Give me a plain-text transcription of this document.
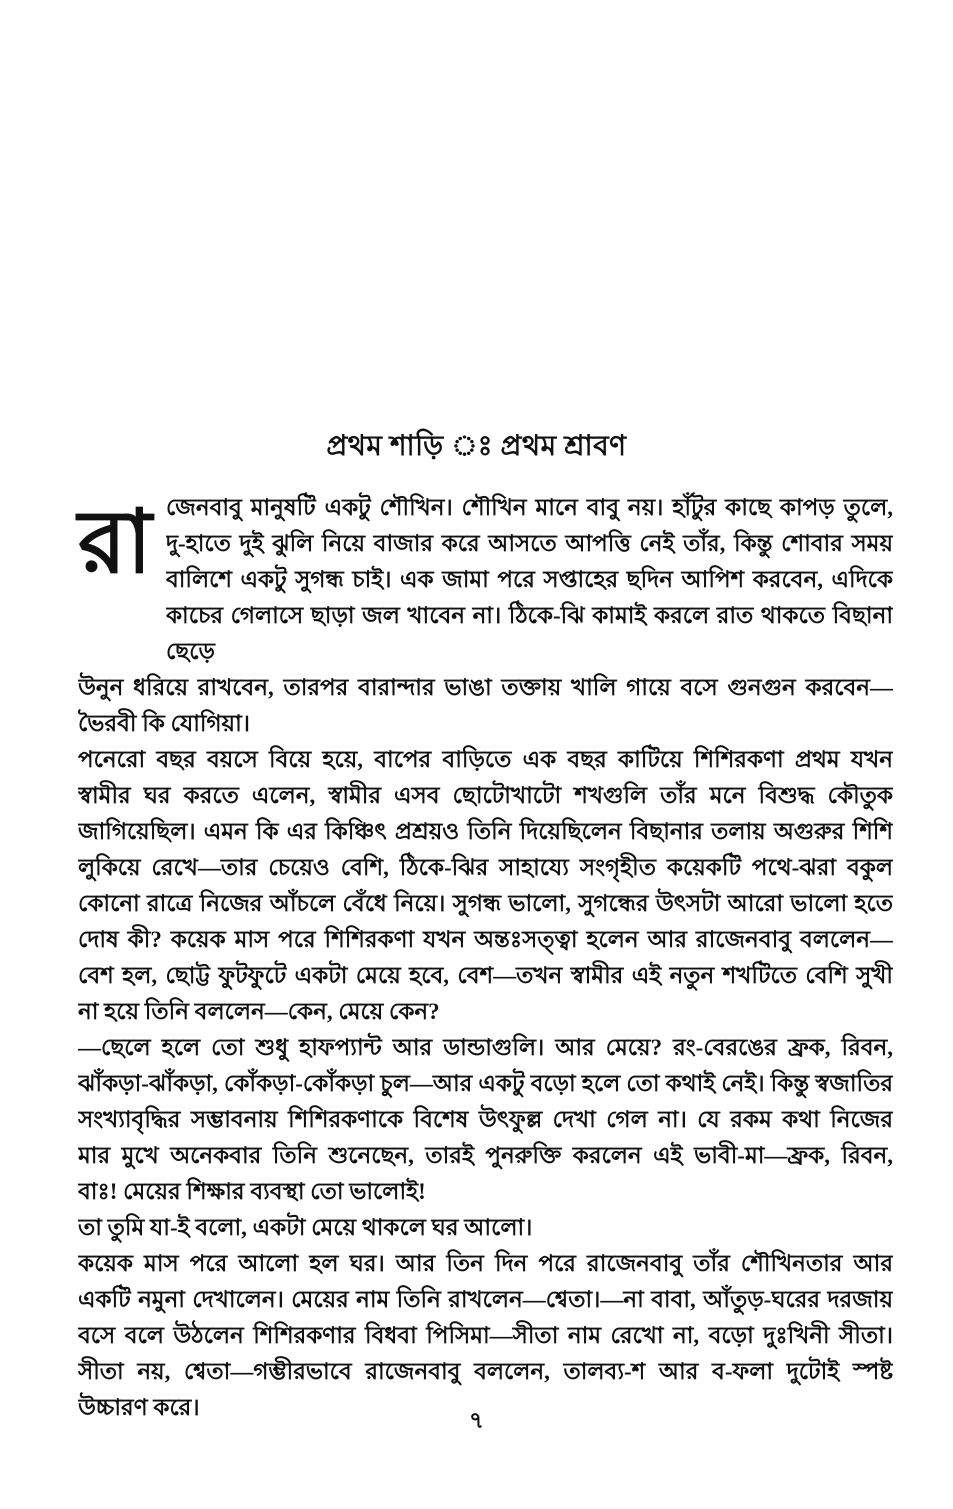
প্রথম শাড়ি ঃ প্রথম শ্রাবণ
রা জেনবাবু মানুষটি একটু শৌখিন। শৌখিন মানে বাবু নয়। হাঁটুর কাছে কাপড় তুলে,
দু-হাতে দুই ঝুলি নিয়ে বাজার করে আসতে আপত্তি নেই তাঁর, কিন্তু শোবার সময়
বালিশে একটু সুগন্ধ চাই। এক জামা পরে সপ্তাহের ছদিন আপিশ করবেন, এদিকে
কাচের গেলাসে ছাড়া জল খাবেন না। ঠিকে-ঝি কামাই করলে রাত থাকতে বিছানা ছেড়ে
উনুন ধরিয়ে রাখবেন, তারপর বারান্দার ভাঙা তক্তায় খালি গায়ে বসে গুনগুন করবেন—
ভৈরবী কি যোগিয়া।
পনেরো বছর বয়সে বিয়ে হয়ে, বাপের বাড়িতে এক বছর কাটিয়ে শিশিরকণা প্রথম যখন
স্বামীর ঘর করতে এলেন, স্বামীর এসব ছোটোখাটো শখগুলি তাঁর মনে বিশুদ্ধ কৌতুক
জাগিয়েছিল। এমন কি এর কিঞ্চিৎ প্রশ্রয়ও তিনি দিয়েছিলেন বিছানার তলায় অগুরুর শিশি
লুকিয়ে রেখে—তার চেয়েও বেশি, ঠিকে-ঝির সাহায্যে সংগৃহীত কয়েকটি পথে-ঝরা বকুল
কোনো রাত্রে নিজের আঁচলে বেঁধে নিয়ে। সুগন্ধ ভালো, সুগন্ধের উৎসটা আরো ভালো হতে
দোষ কী? কয়েক মাস পরে শিশিরকণা যখন অন্তঃসত্ত্বা হলেন আর রাজেনবাবু বললেন—
বেশ হল, ছোট্ট ফুটফুটে একটা মেয়ে হবে, বেশ—তখন স্বামীর এই নতুন শখটিতে বেশি সুখী
না হয়ে তিনি বললেন—কেন, মেয়ে কেন?
—ছেলে হলে তো শুধু হাফপ্যান্ট আর ডান্ডাগুলি। আর মেয়ে? রং-বেরঙের ফ্রক, রিবন,
ঝাঁকড়া-ঝাঁকড়া, কোঁকড়া-কোঁকড়া চুল—আর একটু বড়ো হলে তো কথাই নেই। কিন্তু স্বজাতির
সংখ্যাবৃদ্ধির সম্ভাবনায় শিশিরকণাকে বিশেষ উৎফুল্ল দেখা গেল না। যে রকম কথা নিজের
মার মুখে অনেকবার তিনি শুনেছেন, তারই পুনরুক্তি করলেন এই ভাবী-মা—ফ্রক, রিবন,
বাঃ! মেয়ের শিক্ষার ব্যবস্থা তো ভালোই!
তা তুমি যা-ই বলো, একটা মেয়ে থাকলে ঘর আলো।
কয়েক মাস পরে আলো হল ঘর। আর তিন দিন পরে রাজেনবাবু তাঁর শৌখিনতার আর
একটি নমুনা দেখালেন। মেয়ের নাম তিনি রাখলেন—শ্বেতা।—না বাবা, আঁতুড়-ঘরের দরজায়
বসে বলে উঠলেন শিশিরকণার বিধবা পিসিমা—সীতা নাম রেখো না, বড়ো দুঃখিনী সীতা।
সীতা নয়, শ্বেতা—গম্ভীরভাবে রাজেনবাবু বললেন, তালব্য-শ আর ব-ফলা দুটোই স্পষ্ট
উচ্চারণ করে।
৭
